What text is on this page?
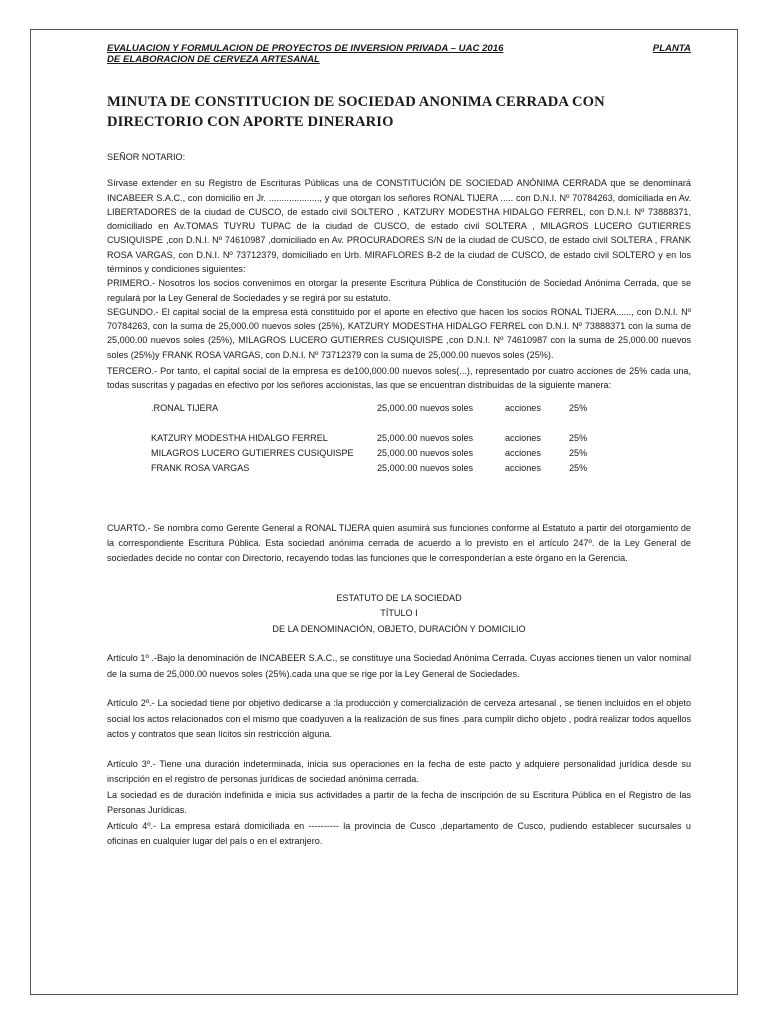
EVALUACION Y FORMULACION DE PROYECTOS DE INVERSION PRIVADA – UAC 2016	PLANTA
DE ELABORACION DE CERVEZA ARTESANAL
MINUTA DE CONSTITUCION DE SOCIEDAD ANONIMA CERRADA CON
DIRECTORIO CON APORTE DINERARIO

SEÑOR NOTARIO:

Sírvase extender en su Registro de Escrituras Públicas una de CONSTITUCIÓN DE SOCIEDAD ANÓNIMA CERRADA que se denominará INCABEER S.A.C., con domicilio en Jr. ...................., y que otorgan los señores RONAL TIJERA ..... con D.N.I. Nº 70784263, domiciliada en Av. LIBERTADORES de la ciudad de CUSCO, de estado civil SOLTERO , KATZURY MODESTHA HIDALGO FERREL, con D.N.I. Nº 73888371, domiciliado en Av.TOMAS TUYRU TUPAC de la ciudad de CUSCO, de estado civil SOLTERA , MILAGROS LUCERO GUTIERRES CUSIQUISPE ,con D.N.I. Nº 74610987 ,domiciliado en Av. PROCURADORES S/N de la ciudad de CUSCO, de estado civil SOLTERA , FRANK ROSA VARGAS, con D.N.I. Nº 73712379, domiciliado en Urb. MIRAFLORES B-2 de la ciudad de CUSCO, de estado civil SOLTERO y en los términos y condiciones siguientes:

PRIMERO.- Nosotros los socios convenimos en otorgar la presente Escritura Pública de Constitución de Sociedad Anónima Cerrada, que se regulará por la Ley General de Sociedades y se regirá por su estatuto.

SEGUNDO.- El capital social de la empresa está constituido por el aporte en efectivo que hacen los socios RONAL TIJERA......, con D.N.I. Nº 70784263, con la suma de 25,000.00 nuevos soles (25%), KATZURY MODESTHA HIDALGO FERREL con D.N.I. Nº 73888371 con la suma de 25,000.00 nuevos soles (25%), MILAGROS LUCERO GUTIERRES CUSIQUISPE ,con D.N.I. Nº 74610987 con la suma de 25,000.00 nuevos soles (25%)y FRANK ROSA VARGAS, con D.N.I. Nº 73712379 con la suma de 25,000.00 nuevos soles (25%).

TERCERO.- Por tanto, el capital social de la empresa es de100,000.00 nuevos soles(...), representado por cuatro acciones de 25% cada una, todas suscritas y pagadas en efectivo por los señores accionistas, las que se encuentran distribuidas de la siguiente manera:

.RONAL TIJERA	25,000.00 nuevos soles	acciones	25%

KATZURY MODESTHA HIDALGO FERREL	25,000.00 nuevos soles	acciones	25%
MILAGROS LUCERO GUTIERRES CUSIQUISPE	25,000.00 nuevos soles	acciones	25%
FRANK ROSA VARGAS	25,000.00 nuevos soles	acciones	25%

CUARTO.- Se nombra como Gerente General a RONAL TIJERA quien asumirá sus funciones conforme al Estatuto a partir del otorgamiento de la correspondiente Escritura Pública. Esta sociedad anónima cerrada de acuerdo a lo previsto en el artículo 247º. de la Ley General de sociedades decide no contar con Directorio, recayendo todas las funciones que le corresponderían a este órgano en la Gerencia.

ESTATUTO DE LA SOCIEDAD
TÍTULO I
DE LA DENOMINACIÓN, OBJETO, DURACIÓN Y DOMICILIO

Artículo 1º .-Bajo la denominación de INCABEER S.A.C., se constituye una Sociedad Anónima Cerrada. Cuyas acciones tienen un valor nominal de la suma de 25,000.00 nuevos soles (25%).cada una que se rige por la Ley General de Sociedades.

Artículo 2º.- La sociedad tiene por objetivo dedicarse a :la producción y comercialización de cerveza artesanal , se tienen incluidos en el objeto social los actos relacionados con el mismo que coadyuven a la realización de sus fines .para cumplir dicho objeto , podrá realizar todos aquellos actos y contratos que sean lícitos sin restricción alguna.

Artículo 3º.- Tiene una duración indeterminada, inicia sus operaciones en la fecha de este pacto y adquiere personalidad jurídica desde su inscripción en el registro de personas jurídicas de sociedad anónima cerrada.

La sociedad es de duración indefinida e inicia sus actividades a partir de la fecha de inscripción de su Escritura Pública en el Registro de las Personas Jurídicas.

Artículo 4º.- La empresa estará domiciliada en ---------- la provincia de Cusco ,departamento de Cusco, pudiendo establecer sucursales u oficinas en cualquier lugar del país o en el extranjero.
